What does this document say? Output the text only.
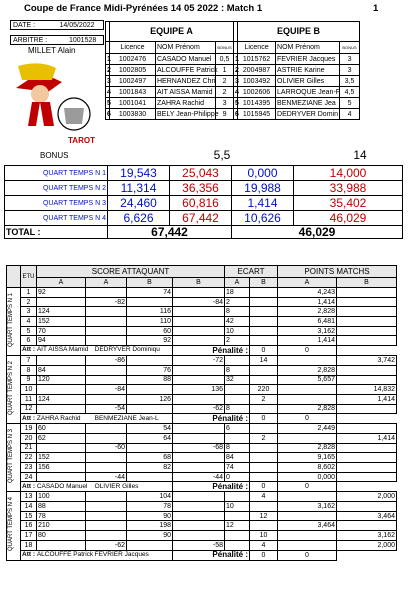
Coupe de France Midi-Pyrénées 14 05 2022 : Match 1	1
DATE :	14/05/2022
ARBITRE :	1001528
MILLET Alain
TAROT
	EQUIPE A				EQUIPE B		
	Licence	NOM Prénom	BONUS		Licence	NOM Prénom	BONUS
1	1002476	CASADO Manuel	0,5	1	1015762	FEVRIER Jacques	3
2	1002805	ALCOUFFE Patrick	1	2	2004987	ASTRIE Karine	3
3	1002497	HERNANDEZ Chri	2	3	1003492	OLIVIER Gilles	3,5
4	1001843	AIT AISSA Mamid	2	4	1002606	LARROQUE Jean-F	4,5
5	1001041	ZAHRA Rachid	3	5	1014395	BENMEZIANE Jea	5
6	1003830	BELY Jean-Philippe	9	6	1015945	DEDRYVER Domin	4
BONUS	5,5	14
QUART TEMPS N 1	19,543	25,043	0,000	14,000
QUART TEMPS N 2	11,314	36,356	19,988	33,988
QUART TEMPS N 3	24,460	60,816	1,414	35,402
QUART TEMPS N 4	6,626	67,442	10,626	46,029
TOTAL :	67,442		46,029	
	ETU	SCORE ATTAQUANT				ECART		POINTS MATCHS	
		A	A	B	B	A	B	A	B

QUART TEMPS N 1	1	92		74		18		4,243	
	2		-82		-84	2		1,414	
	3	124		116		8		2,828	
	4	152		110		42		6,481	
	5	70		60		10		3,162	
	6	94		92		2		1,414	
	Att : AIT AISSA Mamid DEDRYVER Dominiqu				Pénalité :		0	0	

QUART TEMPS N 2	7		-86		-72		14		3,742
	8	84		76		8		2,828	
	9	120		88		32		5,657	
	10		-84		136		220		14,832
	11	124		126			2		1,414
	12		-54		-62	8		2,828	
	Att : ZAHRA Rachid BENMEZIANE Jean-L				Pénalité :		0	0	

QUART TEMPS N 3	19	60		54		6		2,449	
	20	62		64			2		1,414
	21		-60		-68	8		2,828	
	22	152		68		84		9,165	
	23	156		82		74		8,602	
	24		-44		-44	0		0,000	
	Att : CASADO Manuel OLIVIER Gilles				Pénalité :		0	0	

QUART TEMPS N 4	13	100		104			4		2,000
	14	88		78		10		3,162	
	15	78		90			12		3,464
	16	210		198		12		3,464	
	17	80		90			10		3,162
	18		-62		-58		4		2,000
	Att : ALCOUFFE Patrick FEVRIER Jacques				Pénalité :		0	0	
